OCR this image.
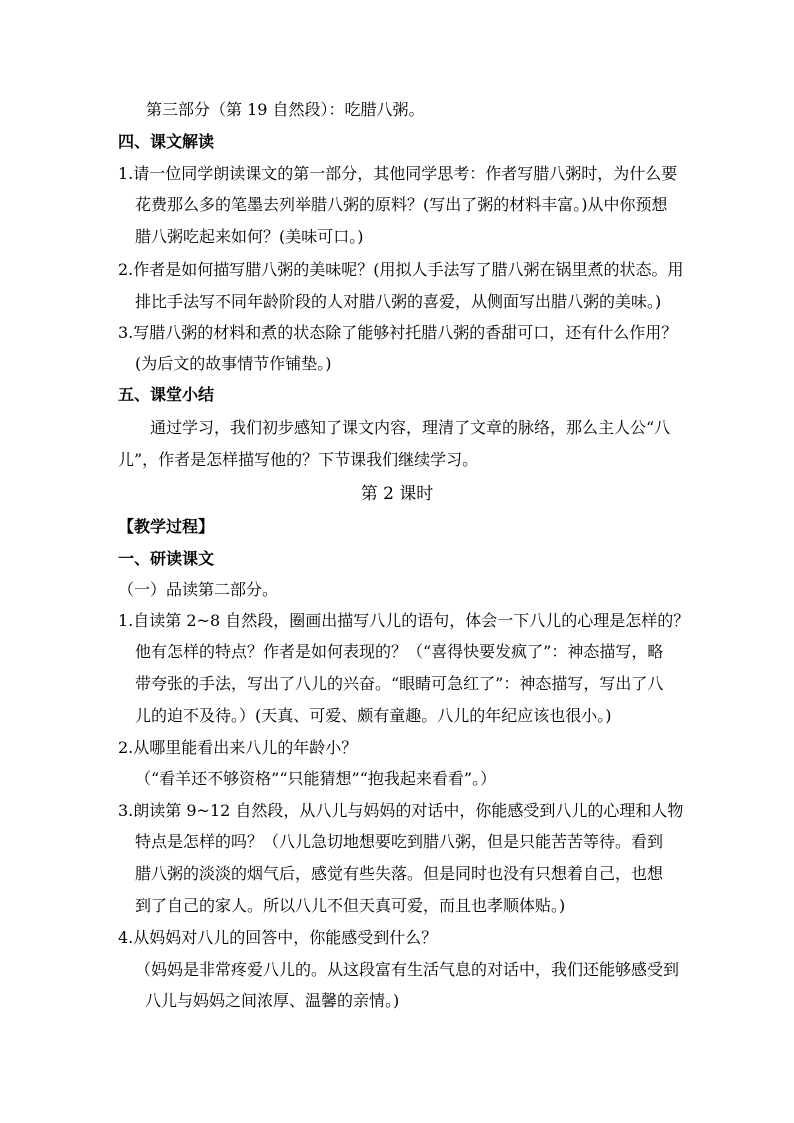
第三部分（第 19 自然段）：吃腊八粥。
四、课文解读
1.请一位同学朗读课文的第一部分，其他同学思考：作者写腊八粥时，为什么要
花费那么多的笔墨去列举腊八粥的原料？(写出了粥的材料丰富。)从中你预想
腊八粥吃起来如何？(美味可口。)
2.作者是如何描写腊八粥的美味呢？(用拟人手法写了腊八粥在锅里煮的状态。用
排比手法写不同年龄阶段的人对腊八粥的喜爱，从侧面写出腊八粥的美味。)
3.写腊八粥的材料和煮的状态除了能够衬托腊八粥的香甜可口，还有什么作用？
(为后文的故事情节作铺垫。)
五、课堂小结
通过学习，我们初步感知了课文内容，理清了文章的脉络，那么主人公“八
儿”，作者是怎样描写他的？下节课我们继续学习。
第 2 课时
【教学过程】
一、研读课文
（一）品读第二部分。
1.自读第 2~8 自然段，圈画出描写八儿的语句，体会一下八儿的心理是怎样的？
他有怎样的特点？作者是如何表现的？（“喜得快要发疯了”：神态描写，略
带夸张的手法，写出了八儿的兴奋。“眼睛可急红了”：神态描写，写出了八
儿的迫不及待。）(天真、可爱、颇有童趣。八儿的年纪应该也很小。)
2.从哪里能看出来八儿的年龄小？
（“看羊还不够资格”“只能猜想”“抱我起来看看”。）
3.朗读第 9~12 自然段，从八儿与妈妈的对话中，你能感受到八儿的心理和人物
特点是怎样的吗？（八儿急切地想要吃到腊八粥，但是只能苦苦等待。看到
腊八粥的淡淡的烟气后，感觉有些失落。但是同时也没有只想着自己，也想
到了自己的家人。所以八儿不但天真可爱，而且也孝顺体贴。)
4.从妈妈对八儿的回答中，你能感受到什么？
（妈妈是非常疼爱八儿的。从这段富有生活气息的对话中，我们还能够感受到
八儿与妈妈之间浓厚、温馨的亲情。)
